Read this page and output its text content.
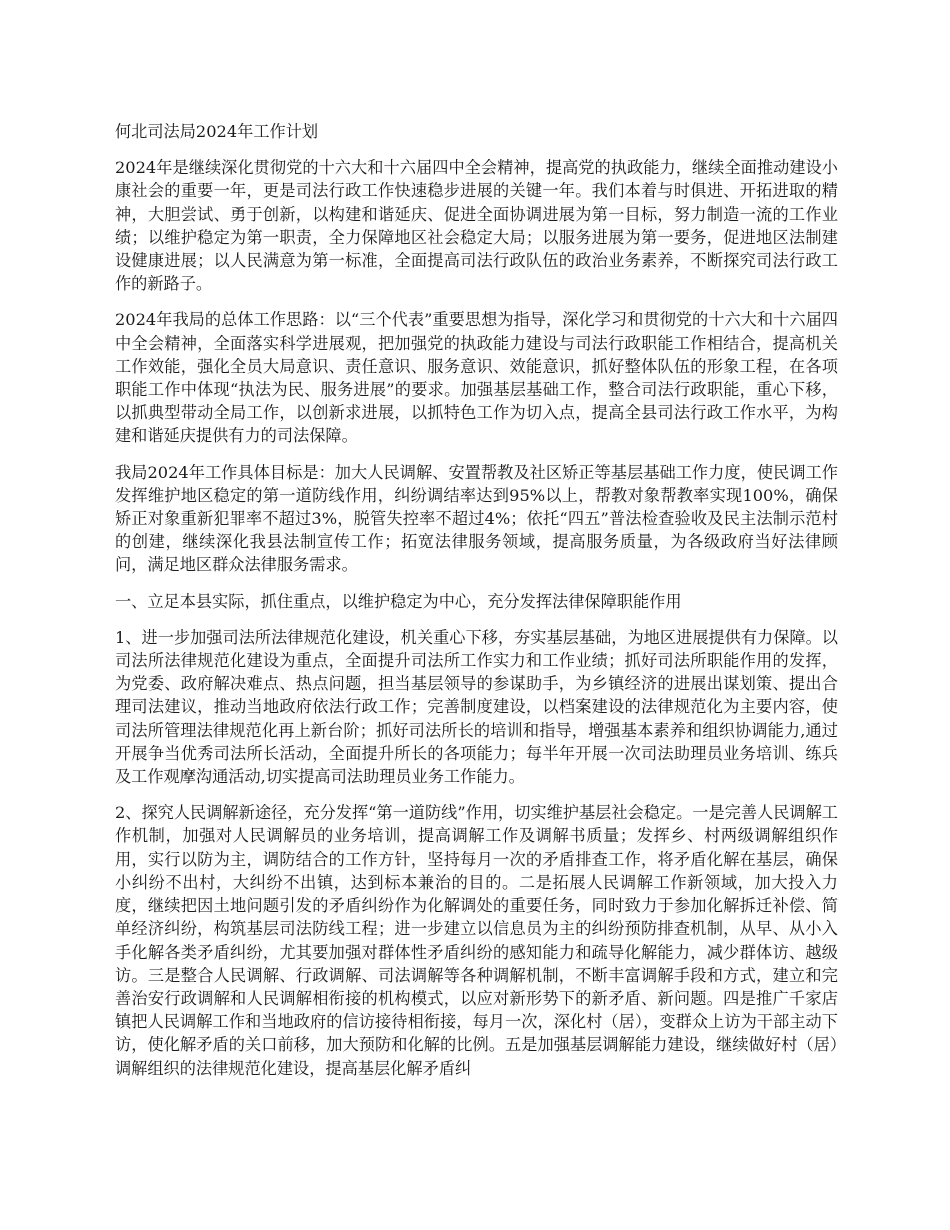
何北司法局2024年工作计划

2024年是继续深化贯彻党的十六大和十六届四中全会精神，提高党的执政能力，继续全面推动建设小康社会的重要一年，更是司法行政工作快速稳步进展的关键一年。我们本着与时俱进、开拓进取的精神，大胆尝试、勇于创新，以构建和谐延庆、促进全面协调进展为第一目标，努力制造一流的工作业绩；以维护稳定为第一职责，全力保障地区社会稳定大局；以服务进展为第一要务，促进地区法制建设健康进展；以人民满意为第一标准，全面提高司法行政队伍的政治业务素养，不断探究司法行政工作的新路子。

2024年我局的总体工作思路：以“三个代表”重要思想为指导，深化学习和贯彻党的十六大和十六届四中全会精神，全面落实科学进展观，把加强党的执政能力建设与司法行政职能工作相结合，提高机关工作效能，强化全员大局意识、责任意识、服务意识、效能意识，抓好整体队伍的形象工程，在各项职能工作中体现“执法为民、服务进展”的要求。加强基层基础工作，整合司法行政职能，重心下移，以抓典型带动全局工作，以创新求进展，以抓特色工作为切入点，提高全县司法行政工作水平，为构建和谐延庆提供有力的司法保障。

我局2024年工作具体目标是：加大人民调解、安置帮教及社区矫正等基层基础工作力度，使民调工作发挥维护地区稳定的第一道防线作用，纠纷调结率达到95%以上，帮教对象帮教率实现100%，确保矫正对象重新犯罪率不超过3%，脱管失控率不超过4%；依托“四五”普法检查验收及民主法制示范村的创建，继续深化我县法制宣传工作；拓宽法律服务领域，提高服务质量，为各级政府当好法律顾问，满足地区群众法律服务需求。

一、立足本县实际，抓住重点，以维护稳定为中心，充分发挥法律保障职能作用

1、进一步加强司法所法律规范化建设，机关重心下移，夯实基层基础，为地区进展提供有力保障。以司法所法律规范化建设为重点，全面提升司法所工作实力和工作业绩；抓好司法所职能作用的发挥，为党委、政府解决难点、热点问题，担当基层领导的参谋助手，为乡镇经济的进展出谋划策、提出合理司法建议，推动当地政府依法行政工作；完善制度建设，以档案建设的法律规范化为主要内容，使司法所管理法律规范化再上新台阶；抓好司法所长的培训和指导，增强基本素养和组织协调能力,通过开展争当优秀司法所长活动，全面提升所长的各项能力；每半年开展一次司法助理员业务培训、练兵及工作观摩沟通活动,切实提高司法助理员业务工作能力。

2、探究人民调解新途径，充分发挥“第一道防线”作用，切实维护基层社会稳定。一是完善人民调解工作机制，加强对人民调解员的业务培训，提高调解工作及调解书质量；发挥乡、村两级调解组织作用，实行以防为主，调防结合的工作方针，坚持每月一次的矛盾排查工作，将矛盾化解在基层，确保小纠纷不出村，大纠纷不出镇，达到标本兼治的目的。二是拓展人民调解工作新领域，加大投入力度，继续把因土地问题引发的矛盾纠纷作为化解调处的重要任务，同时致力于参加化解拆迁补偿、简单经济纠纷，构筑基层司法防线工程；进一步建立以信息员为主的纠纷预防排查机制，从早、从小入手化解各类矛盾纠纷，尤其要加强对群体性矛盾纠纷的感知能力和疏导化解能力，减少群体访、越级访。三是整合人民调解、行政调解、司法调解等各种调解机制，不断丰富调解手段和方式，建立和完善治安行政调解和人民调解相衔接的机构模式，以应对新形势下的新矛盾、新问题。四是推广千家店镇把人民调解工作和当地政府的信访接待相衔接，每月一次，深化村（居），变群众上访为干部主动下访，使化解矛盾的关口前移，加大预防和化解的比例。五是加强基层调解能力建设，继续做好村（居）调解组织的法律规范化建设，提高基层化解矛盾纠
